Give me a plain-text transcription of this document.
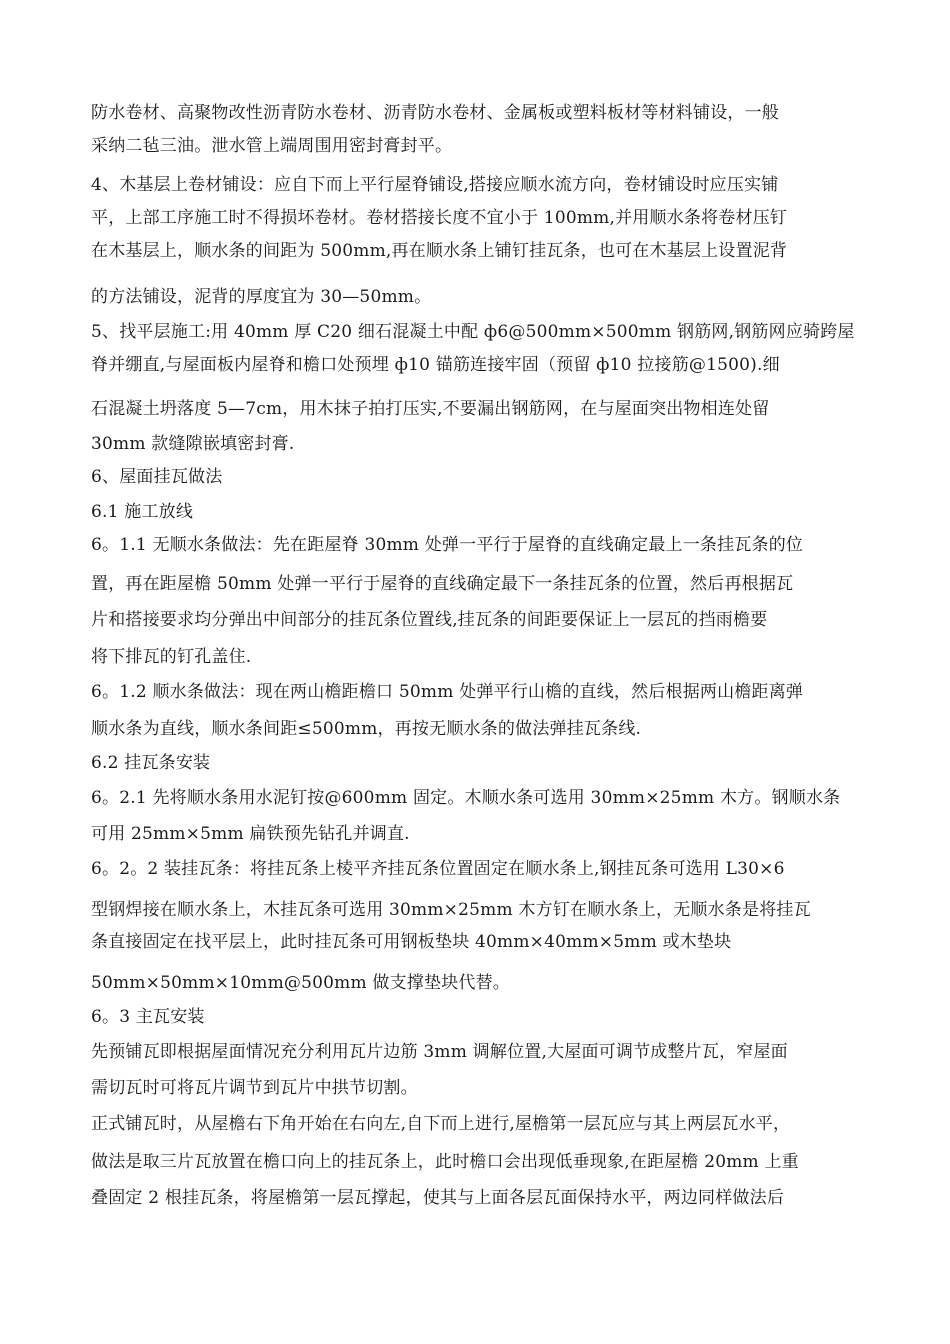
防水卷材、高聚物改性沥青防水卷材、沥青防水卷材、金属板或塑料板材等材料铺设，一般
采纳二毡三油。泄水管上端周围用密封膏封平。
4、木基层上卷材铺设：应自下而上平行屋脊铺设,搭接应顺水流方向，卷材铺设时应压实铺
平，上部工序施工时不得损坏卷材。卷材搭接长度不宜小于 100mm,并用顺水条将卷材压钉
在木基层上，顺水条的间距为 500mm,再在顺水条上铺钉挂瓦条，也可在木基层上设置泥背
的方法铺设，泥背的厚度宜为 30—50mm。
5、找平层施工:用 40mm 厚 C20 细石混凝土中配 ф6@500mm×500mm 钢筋网,钢筋网应骑跨屋
脊并绷直,与屋面板内屋脊和檐口处预埋 ф10 锚筋连接牢固（预留 ф10 拉接筋@1500).细
石混凝土坍落度 5—7cm，用木抹子拍打压实,不要漏出钢筋网，在与屋面突出物相连处留
30mm 款缝隙嵌填密封膏.
6、屋面挂瓦做法
6.1 施工放线
6。1.1 无顺水条做法：先在距屋脊 30mm 处弹一平行于屋脊的直线确定最上一条挂瓦条的位
置，再在距屋檐 50mm 处弹一平行于屋脊的直线确定最下一条挂瓦条的位置，然后再根据瓦
片和搭接要求均分弹出中间部分的挂瓦条位置线,挂瓦条的间距要保证上一层瓦的挡雨檐要
将下排瓦的钉孔盖住.
6。1.2 顺水条做法：现在两山檐距檐口 50mm 处弹平行山檐的直线，然后根据两山檐距离弹
顺水条为直线，顺水条间距≤500mm，再按无顺水条的做法弹挂瓦条线.
6.2 挂瓦条安装
6。2.1 先将顺水条用水泥钉按@600mm 固定。木顺水条可选用 30mm×25mm 木方。钢顺水条
可用 25mm×5mm 扁铁预先钻孔并调直.
6。2。2 装挂瓦条：将挂瓦条上棱平齐挂瓦条位置固定在顺水条上,钢挂瓦条可选用 L30×6
型钢焊接在顺水条上，木挂瓦条可选用 30mm×25mm 木方钉在顺水条上，无顺水条是将挂瓦
条直接固定在找平层上，此时挂瓦条可用钢板垫块 40mm×40mm×5mm 或木垫块
50mm×50mm×10mm@500mm 做支撑垫块代替。
6。3 主瓦安装
先预铺瓦即根据屋面情况充分利用瓦片边筋 3mm 调解位置,大屋面可调节成整片瓦，窄屋面
需切瓦时可将瓦片调节到瓦片中拱节切割。
正式铺瓦时，从屋檐右下角开始在右向左,自下而上进行,屋檐第一层瓦应与其上两层瓦水平，
做法是取三片瓦放置在檐口向上的挂瓦条上，此时檐口会出现低垂现象,在距屋檐 20mm 上重
叠固定 2 根挂瓦条，将屋檐第一层瓦撑起，使其与上面各层瓦面保持水平，两边同样做法后
